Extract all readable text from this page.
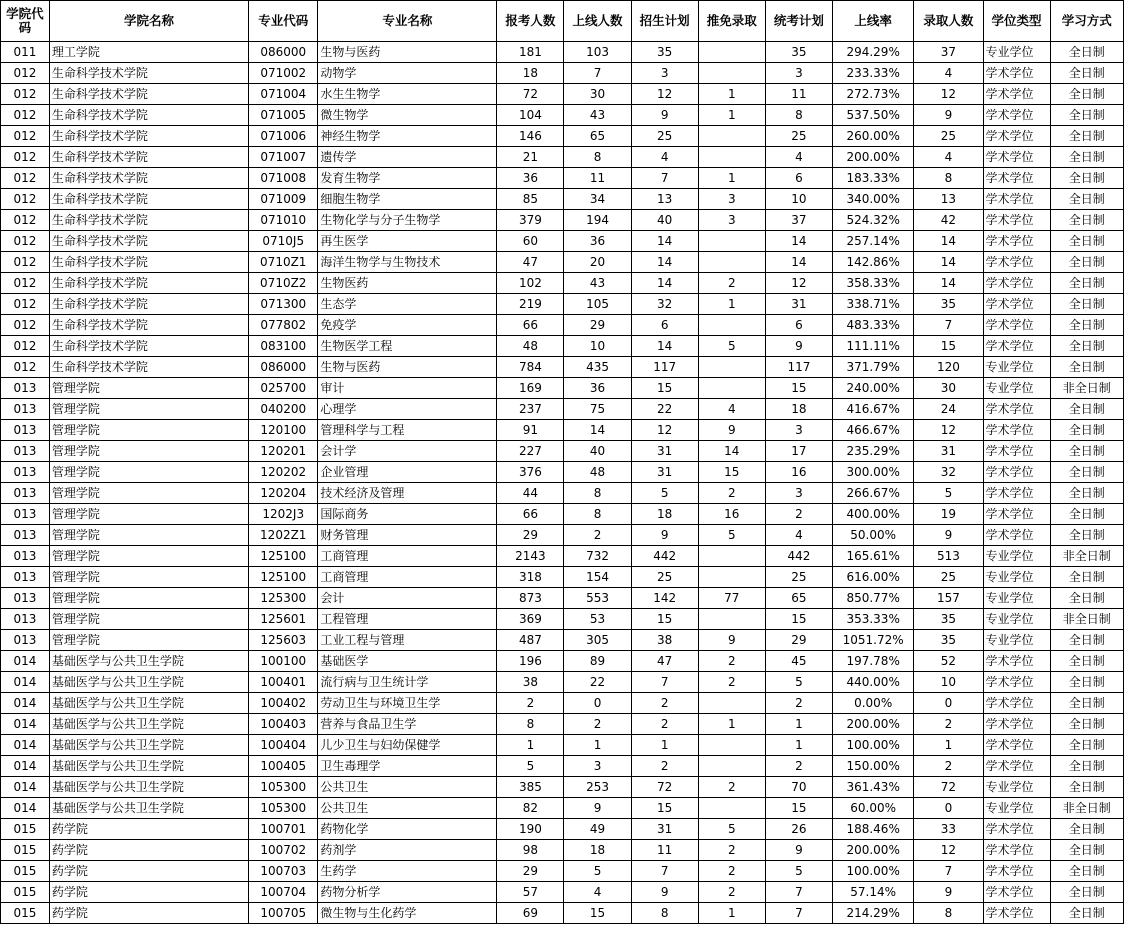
学院代码	学院名称	专业代码	专业名称	报考人数	上线人数	招生计划	推免录取	统考计划	上线率	录取人数	学位类型	学习方式
011	理工学院	086000	生物与医药	181	103	35		35	294.29%	37	专业学位	全日制
012	生命科学技术学院	071002	动物学	18	7	3		3	233.33%	4	学术学位	全日制
012	生命科学技术学院	071004	水生生物学	72	30	12	1	11	272.73%	12	学术学位	全日制
012	生命科学技术学院	071005	微生物学	104	43	9	1	8	537.50%	9	学术学位	全日制
012	生命科学技术学院	071006	神经生物学	146	65	25		25	260.00%	25	学术学位	全日制
012	生命科学技术学院	071007	遗传学	21	8	4		4	200.00%	4	学术学位	全日制
012	生命科学技术学院	071008	发育生物学	36	11	7	1	6	183.33%	8	学术学位	全日制
012	生命科学技术学院	071009	细胞生物学	85	34	13	3	10	340.00%	13	学术学位	全日制
012	生命科学技术学院	071010	生物化学与分子生物学	379	194	40	3	37	524.32%	42	学术学位	全日制
012	生命科学技术学院	0710J5	再生医学	60	36	14		14	257.14%	14	学术学位	全日制
012	生命科学技术学院	0710Z1	海洋生物学与生物技术	47	20	14		14	142.86%	14	学术学位	全日制
012	生命科学技术学院	0710Z2	生物医药	102	43	14	2	12	358.33%	14	学术学位	全日制
012	生命科学技术学院	071300	生态学	219	105	32	1	31	338.71%	35	学术学位	全日制
012	生命科学技术学院	077802	免疫学	66	29	6		6	483.33%	7	学术学位	全日制
012	生命科学技术学院	083100	生物医学工程	48	10	14	5	9	111.11%	15	学术学位	全日制
012	生命科学技术学院	086000	生物与医药	784	435	117		117	371.79%	120	专业学位	全日制
013	管理学院	025700	审计	169	36	15		15	240.00%	30	专业学位	非全日制
013	管理学院	040200	心理学	237	75	22	4	18	416.67%	24	学术学位	全日制
013	管理学院	120100	管理科学与工程	91	14	12	9	3	466.67%	12	学术学位	全日制
013	管理学院	120201	会计学	227	40	31	14	17	235.29%	31	学术学位	全日制
013	管理学院	120202	企业管理	376	48	31	15	16	300.00%	32	学术学位	全日制
013	管理学院	120204	技术经济及管理	44	8	5	2	3	266.67%	5	学术学位	全日制
013	管理学院	1202J3	国际商务	66	8	18	16	2	400.00%	19	学术学位	全日制
013	管理学院	1202Z1	财务管理	29	2	9	5	4	50.00%	9	学术学位	全日制
013	管理学院	125100	工商管理	2143	732	442		442	165.61%	513	专业学位	非全日制
013	管理学院	125100	工商管理	318	154	25		25	616.00%	25	专业学位	全日制
013	管理学院	125300	会计	873	553	142	77	65	850.77%	157	专业学位	全日制
013	管理学院	125601	工程管理	369	53	15		15	353.33%	35	专业学位	非全日制
013	管理学院	125603	工业工程与管理	487	305	38	9	29	1051.72%	35	专业学位	全日制
014	基础医学与公共卫生学院	100100	基础医学	196	89	47	2	45	197.78%	52	学术学位	全日制
014	基础医学与公共卫生学院	100401	流行病与卫生统计学	38	22	7	2	5	440.00%	10	学术学位	全日制
014	基础医学与公共卫生学院	100402	劳动卫生与环境卫生学	2	0	2		2	0.00%	0	学术学位	全日制
014	基础医学与公共卫生学院	100403	营养与食品卫生学	8	2	2	1	1	200.00%	2	学术学位	全日制
014	基础医学与公共卫生学院	100404	儿少卫生与妇幼保健学	1	1	1		1	100.00%	1	学术学位	全日制
014	基础医学与公共卫生学院	100405	卫生毒理学	5	3	2		2	150.00%	2	学术学位	全日制
014	基础医学与公共卫生学院	105300	公共卫生	385	253	72	2	70	361.43%	72	专业学位	全日制
014	基础医学与公共卫生学院	105300	公共卫生	82	9	15		15	60.00%	0	专业学位	非全日制
015	药学院	100701	药物化学	190	49	31	5	26	188.46%	33	学术学位	全日制
015	药学院	100702	药剂学	98	18	11	2	9	200.00%	12	学术学位	全日制
015	药学院	100703	生药学	29	5	7	2	5	100.00%	7	学术学位	全日制
015	药学院	100704	药物分析学	57	4	9	2	7	57.14%	9	学术学位	全日制
015	药学院	100705	微生物与生化药学	69	15	8	1	7	214.29%	8	学术学位	全日制
